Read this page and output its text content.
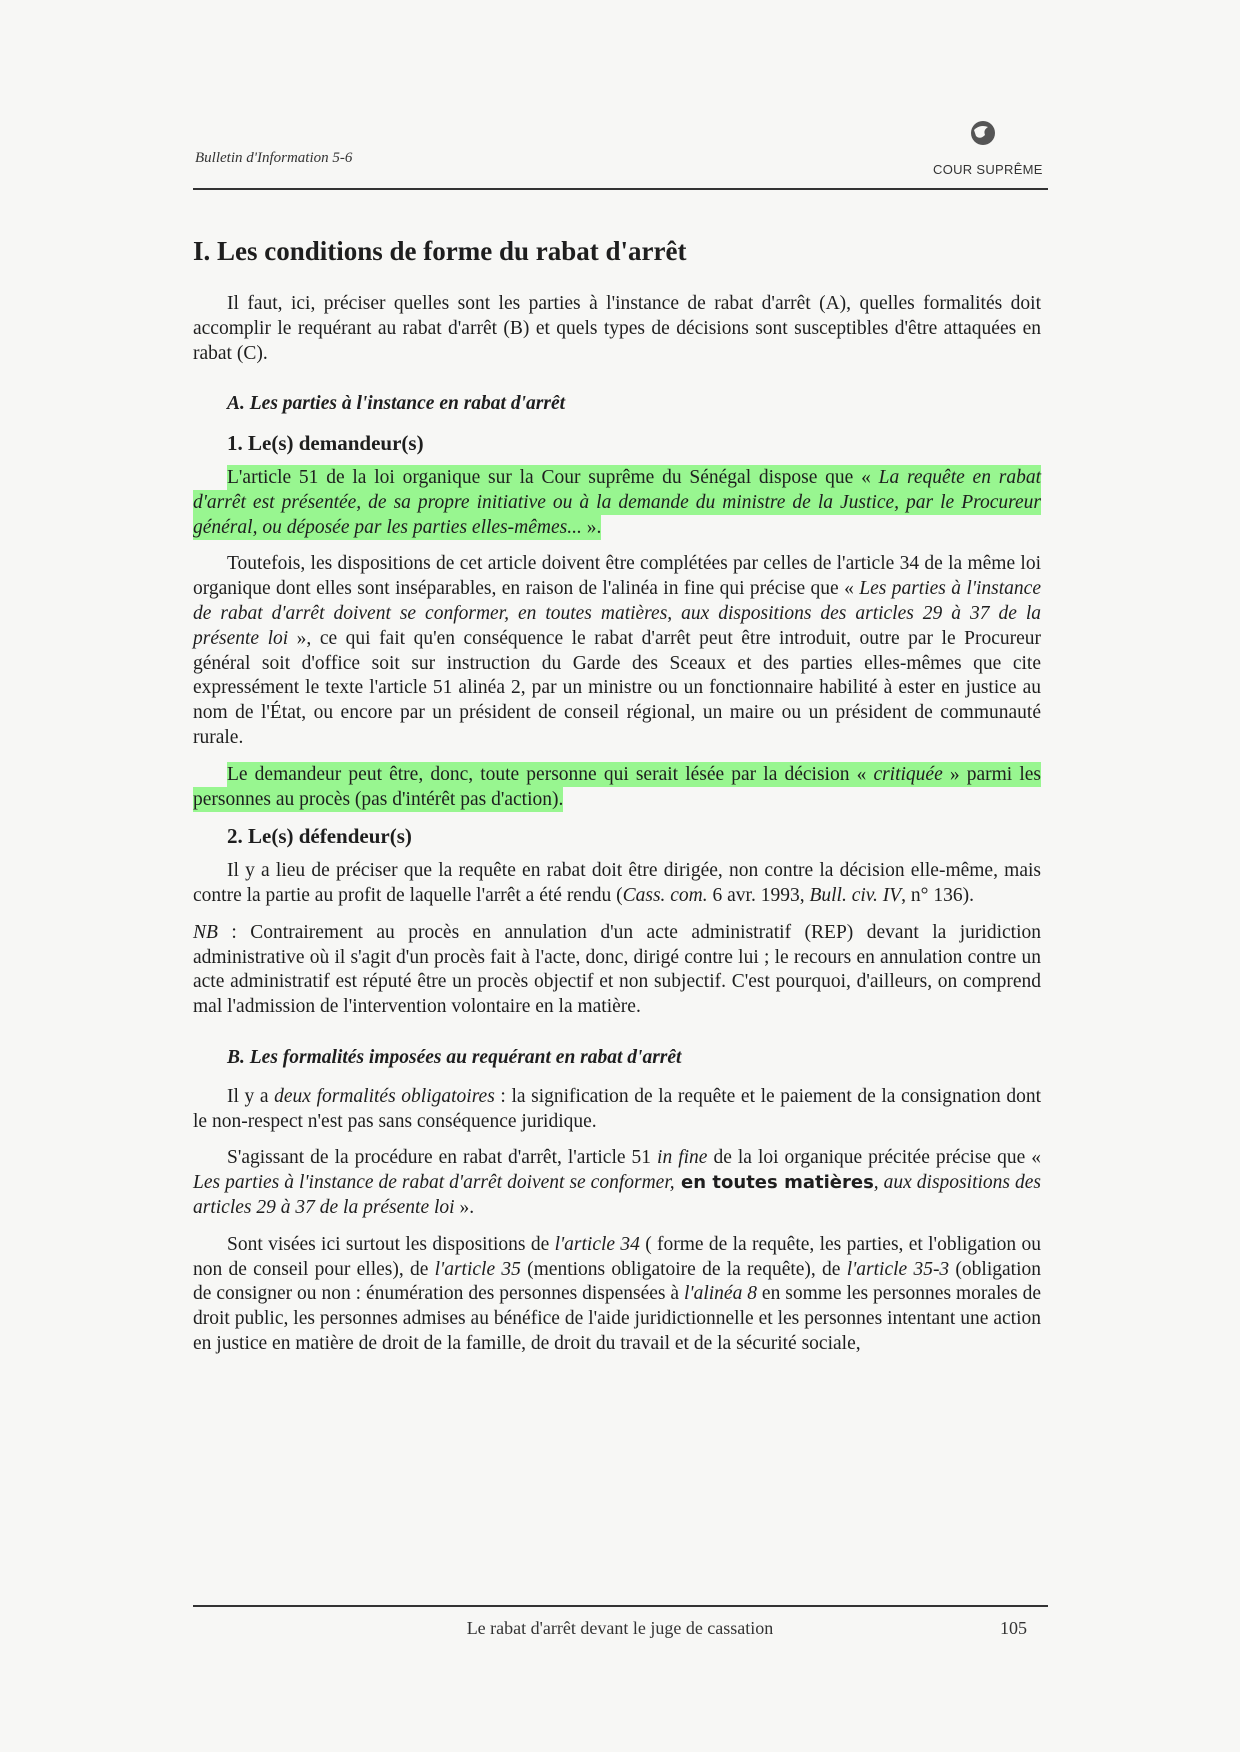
Bulletin d'Information 5-6
COUR SUPRÊME
I. Les conditions de forme du rabat d'arrêt

Il faut, ici, préciser quelles sont les parties à l'instance de rabat d'arrêt (A), quelles formalités doit accomplir le requérant au rabat d'arrêt (B) et quels types de décisions sont susceptibles d'être attaquées en rabat (C).

A. Les parties à l'instance en rabat d'arrêt
1. Le(s) demandeur(s)

L'article 51 de la loi organique sur la Cour suprême du Sénégal dispose que « La requête en rabat d'arrêt est présentée, de sa propre initiative ou à la demande du ministre de la Justice, par le Procureur général, ou déposée par les parties elles-mêmes... ».

Toutefois, les dispositions de cet article doivent être complétées par celles de l'article 34 de la même loi organique dont elles sont inséparables, en raison de l'alinéa in fine qui précise que « Les parties à l'instance de rabat d'arrêt doivent se conformer, en toutes matières, aux dispositions des articles 29 à 37 de la présente loi », ce qui fait qu'en conséquence le rabat d'arrêt peut être introduit, outre par le Procureur général soit d'office soit sur instruction du Garde des Sceaux et des parties elles-mêmes que cite expressément le texte l'article 51 alinéa 2, par un ministre ou un fonctionnaire habilité à ester en justice au nom de l'État, ou encore par un président de conseil régional, un maire ou un président de communauté rurale.

Le demandeur peut être, donc, toute personne qui serait lésée par la décision « critiquée » parmi les personnes au procès (pas d'intérêt pas d'action).

2. Le(s) défendeur(s)

Il y a lieu de préciser que la requête en rabat doit être dirigée, non contre la décision elle-même, mais contre la partie au profit de laquelle l'arrêt a été rendu (Cass. com. 6 avr. 1993, Bull. civ. IV, n° 136).

NB : Contrairement au procès en annulation d'un acte administratif (REP) devant la juridiction administrative où il s'agit d'un procès fait à l'acte, donc, dirigé contre lui ; le recours en annulation contre un acte administratif est réputé être un procès objectif et non subjectif. C'est pourquoi, d'ailleurs, on comprend mal l'admission de l'intervention volontaire en la matière.

B. Les formalités imposées au requérant en rabat d'arrêt

Il y a deux formalités obligatoires : la signification de la requête et le paiement de la consignation dont le non-respect n'est pas sans conséquence juridique.

S'agissant de la procédure en rabat d'arrêt, l'article 51 in fine de la loi organique précitée précise que « Les parties à l'instance de rabat d'arrêt doivent se conformer, en toutes matières, aux dispositions des articles 29 à 37 de la présente loi ».

Sont visées ici surtout les dispositions de l'article 34 ( forme de la requête, les parties, et l'obligation ou non de conseil pour elles), de l'article 35 (mentions obligatoire de la requête), de l'article 35-3 (obligation de consigner ou non : énumération des personnes dispensées à l'alinéa 8 en somme les personnes morales de droit public, les personnes admises au bénéfice de l'aide juridictionnelle et les personnes intentant une action en justice en matière de droit de la famille, de droit du travail et de la sécurité sociale,

Le rabat d'arrêt devant le juge de cassation	105
